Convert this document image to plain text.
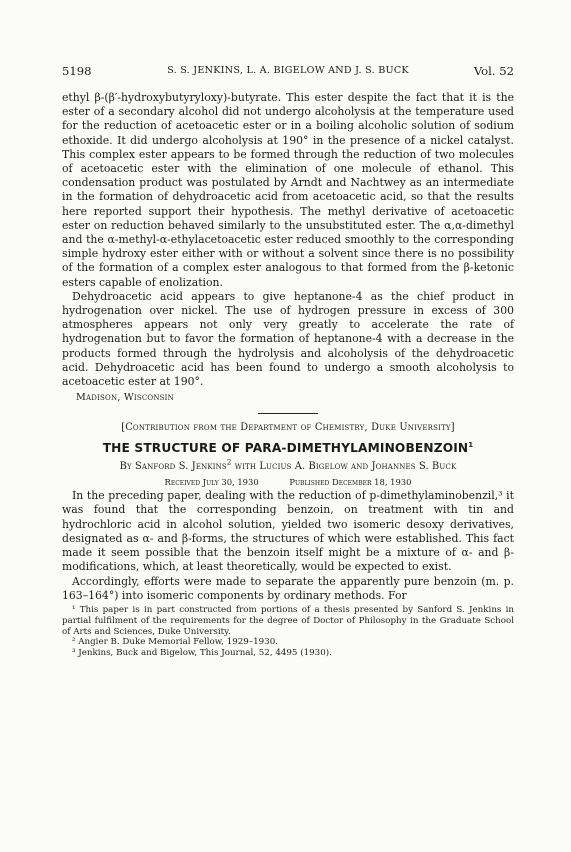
5198	S. S. JENKINS, L. A. BIGELOW AND J. S. BUCK	Vol. 52

ethyl β-(β′-hydroxybutyryloxy)-butyrate. This ester despite the fact that it is the ester of a secondary alcohol did not undergo alcoholysis at the temperature used for the reduction of acetoacetic ester or in a boiling alcoholic solution of sodium ethoxide. It did undergo alcoholysis at 190° in the presence of a nickel catalyst. This complex ester appears to be formed through the reduction of two molecules of acetoacetic ester with the elimination of one molecule of ethanol. This condensation product was postulated by Arndt and Nachtwey as an intermediate in the formation of dehydroacetic acid from acetoacetic acid, so that the results here reported support their hypothesis. The methyl derivative of acetoacetic ester on reduction behaved similarly to the unsubstituted ester. The α,α-dimethyl and the α-methyl-α-ethylacetoacetic ester reduced smoothly to the corresponding simple hydroxy ester either with or without a solvent since there is no possibility of the formation of a complex ester analogous to that formed from the β-ketonic esters capable of enolization.

Dehydroacetic acid appears to give heptanone-4 as the chief product in hydrogenation over nickel. The use of hydrogen pressure in excess of 300 atmospheres appears not only very greatly to accelerate the rate of hydrogenation but to favor the formation of heptanone-4 with a decrease in the products formed through the hydrolysis and alcoholysis of the dehydroacetic acid. Dehydroacetic acid has been found to undergo a smooth alcoholysis to acetoacetic ester at 190°.

Madison, Wisconsin
[Contribution from the Department of Chemistry, Duke University]
THE STRUCTURE OF PARA-DIMETHYLAMINOBENZOIN$^1$
By Sanford S. Jenkins$^2$ with Lucius A. Bigelow and Johannes S. Buck
Received July 30, 1930	Published December 18, 1930

In the preceding paper, dealing with the reduction of p-dimethylaminobenzil,³ it was found that the corresponding benzoin, on treatment with tin and hydrochloric acid in alcohol solution, yielded two isomeric desoxy derivatives, designated as α- and β-forms, the structures of which were established. This fact made it seem possible that the benzoin itself might be a mixture of α- and β-modifications, which, at least theoretically, would be expected to exist.

Accordingly, efforts were made to separate the apparently pure benzoin (m. p. 163–164°) into isomeric components by ordinary methods. For

¹ This paper is in part constructed from portions of a thesis presented by Sanford S. Jenkins in partial fulfilment of the requirements for the degree of Doctor of Philosophy in the Graduate School of Arts and Sciences, Duke University.

² Angier B. Duke Memorial Fellow, 1929–1930.

³ Jenkins, Buck and Bigelow, This Journal, 52, 4495 (1930).
